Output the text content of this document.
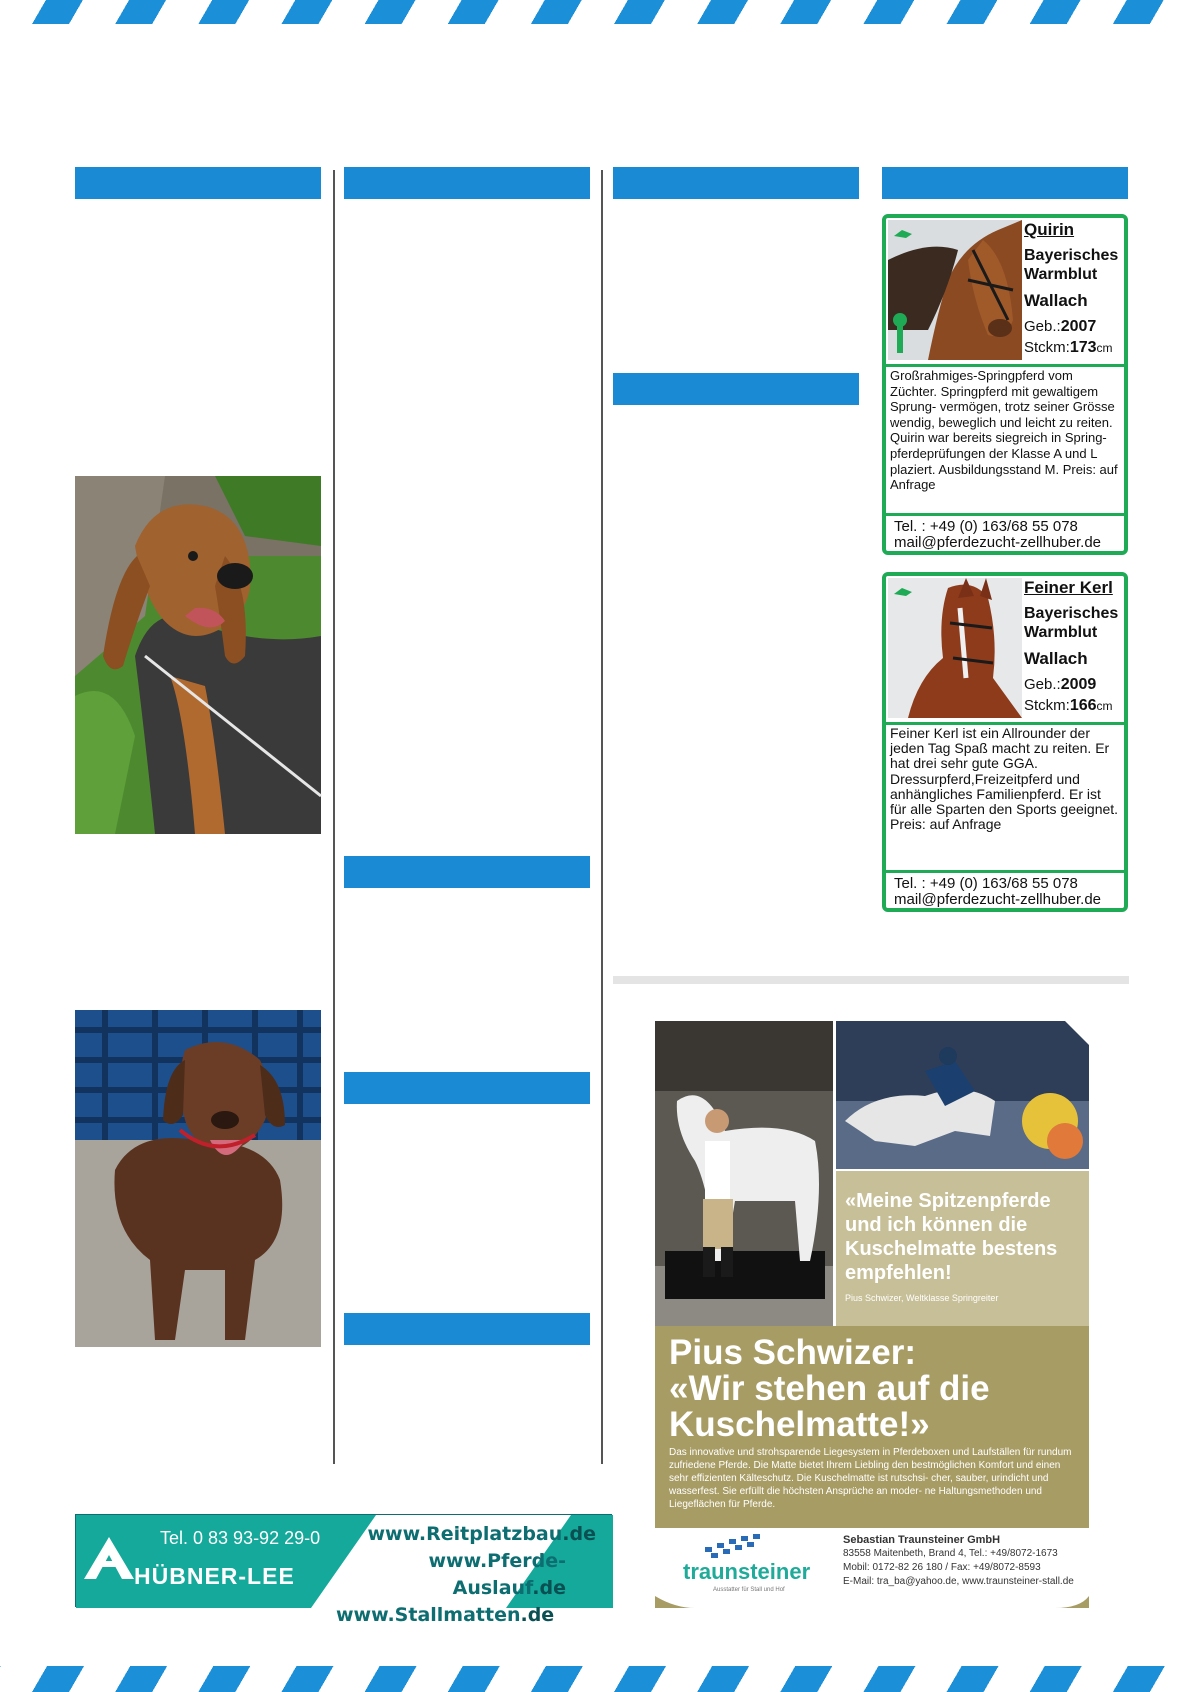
Quirin
Bayerisches Warmblut
Wallach
Geb.:2007
Stckm:173cm
Großrahmiges-Springpferd vom Züchter. Springpferd mit gewaltigem Sprung- vermögen, trotz seiner Grösse wendig, beweglich und leicht zu reiten. Quirin war bereits siegreich in Spring- pferdeprüfungen der Klasse A und L plaziert. Ausbildungsstand M. Preis: auf Anfrage
Tel. : +49 (0) 163/68 55 078
mail@pferdezucht-zellhuber.de
Feiner Kerl
Bayerisches Warmblut
Wallach
Geb.:2009
Stckm:166cm
Feiner Kerl ist ein Allrounder der jeden Tag Spaß macht zu reiten. Er hat drei sehr gute GGA. Dressurpferd,Freizeitpferd und anhängliches Familienpferd. Er ist für alle Sparten den Sports geeignet. Preis: auf Anfrage
Tel. : +49 (0) 163/68 55 078
mail@pferdezucht-zellhuber.de
«Meine Spitzenpferde und ich können die Kuschelmatte bestens empfehlen!
Pius Schwizer, Weltklasse Springreiter
Pius Schwizer:
«Wir stehen auf die
Kuschelmatte!»
Das innovative und strohsparende Liegesystem in Pferdeboxen und Laufställen für rundum zufriedene Pferde. Die Matte bietet Ihrem Liebling den bestmöglichen Komfort und einen sehr effizienten Kälteschutz. Die Kuschelmatte ist rutschsi- cher, sauber, urindicht und wasserfest. Sie erfüllt die höchsten Ansprüche an moder- ne Haltungsmethoden und Liegeflächen für Pferde.
traunsteiner
Ausstatter für Stall und Hof
Sebastian Traunsteiner GmbH
83558 Maitenbeth, Brand 4, Tel.: +49/8072-1673
Mobil: 0172-82 26 180 / Fax: +49/8072-8593
E-Mail: tra_ba@yahoo.de, www.traunsteiner-stall.de
Tel. 0 83 93-92 29-0
HÜBNER-LEE
www.Reitplatzbau.de
www.Pferde-Auslauf.de
www.Stallmatten.de
